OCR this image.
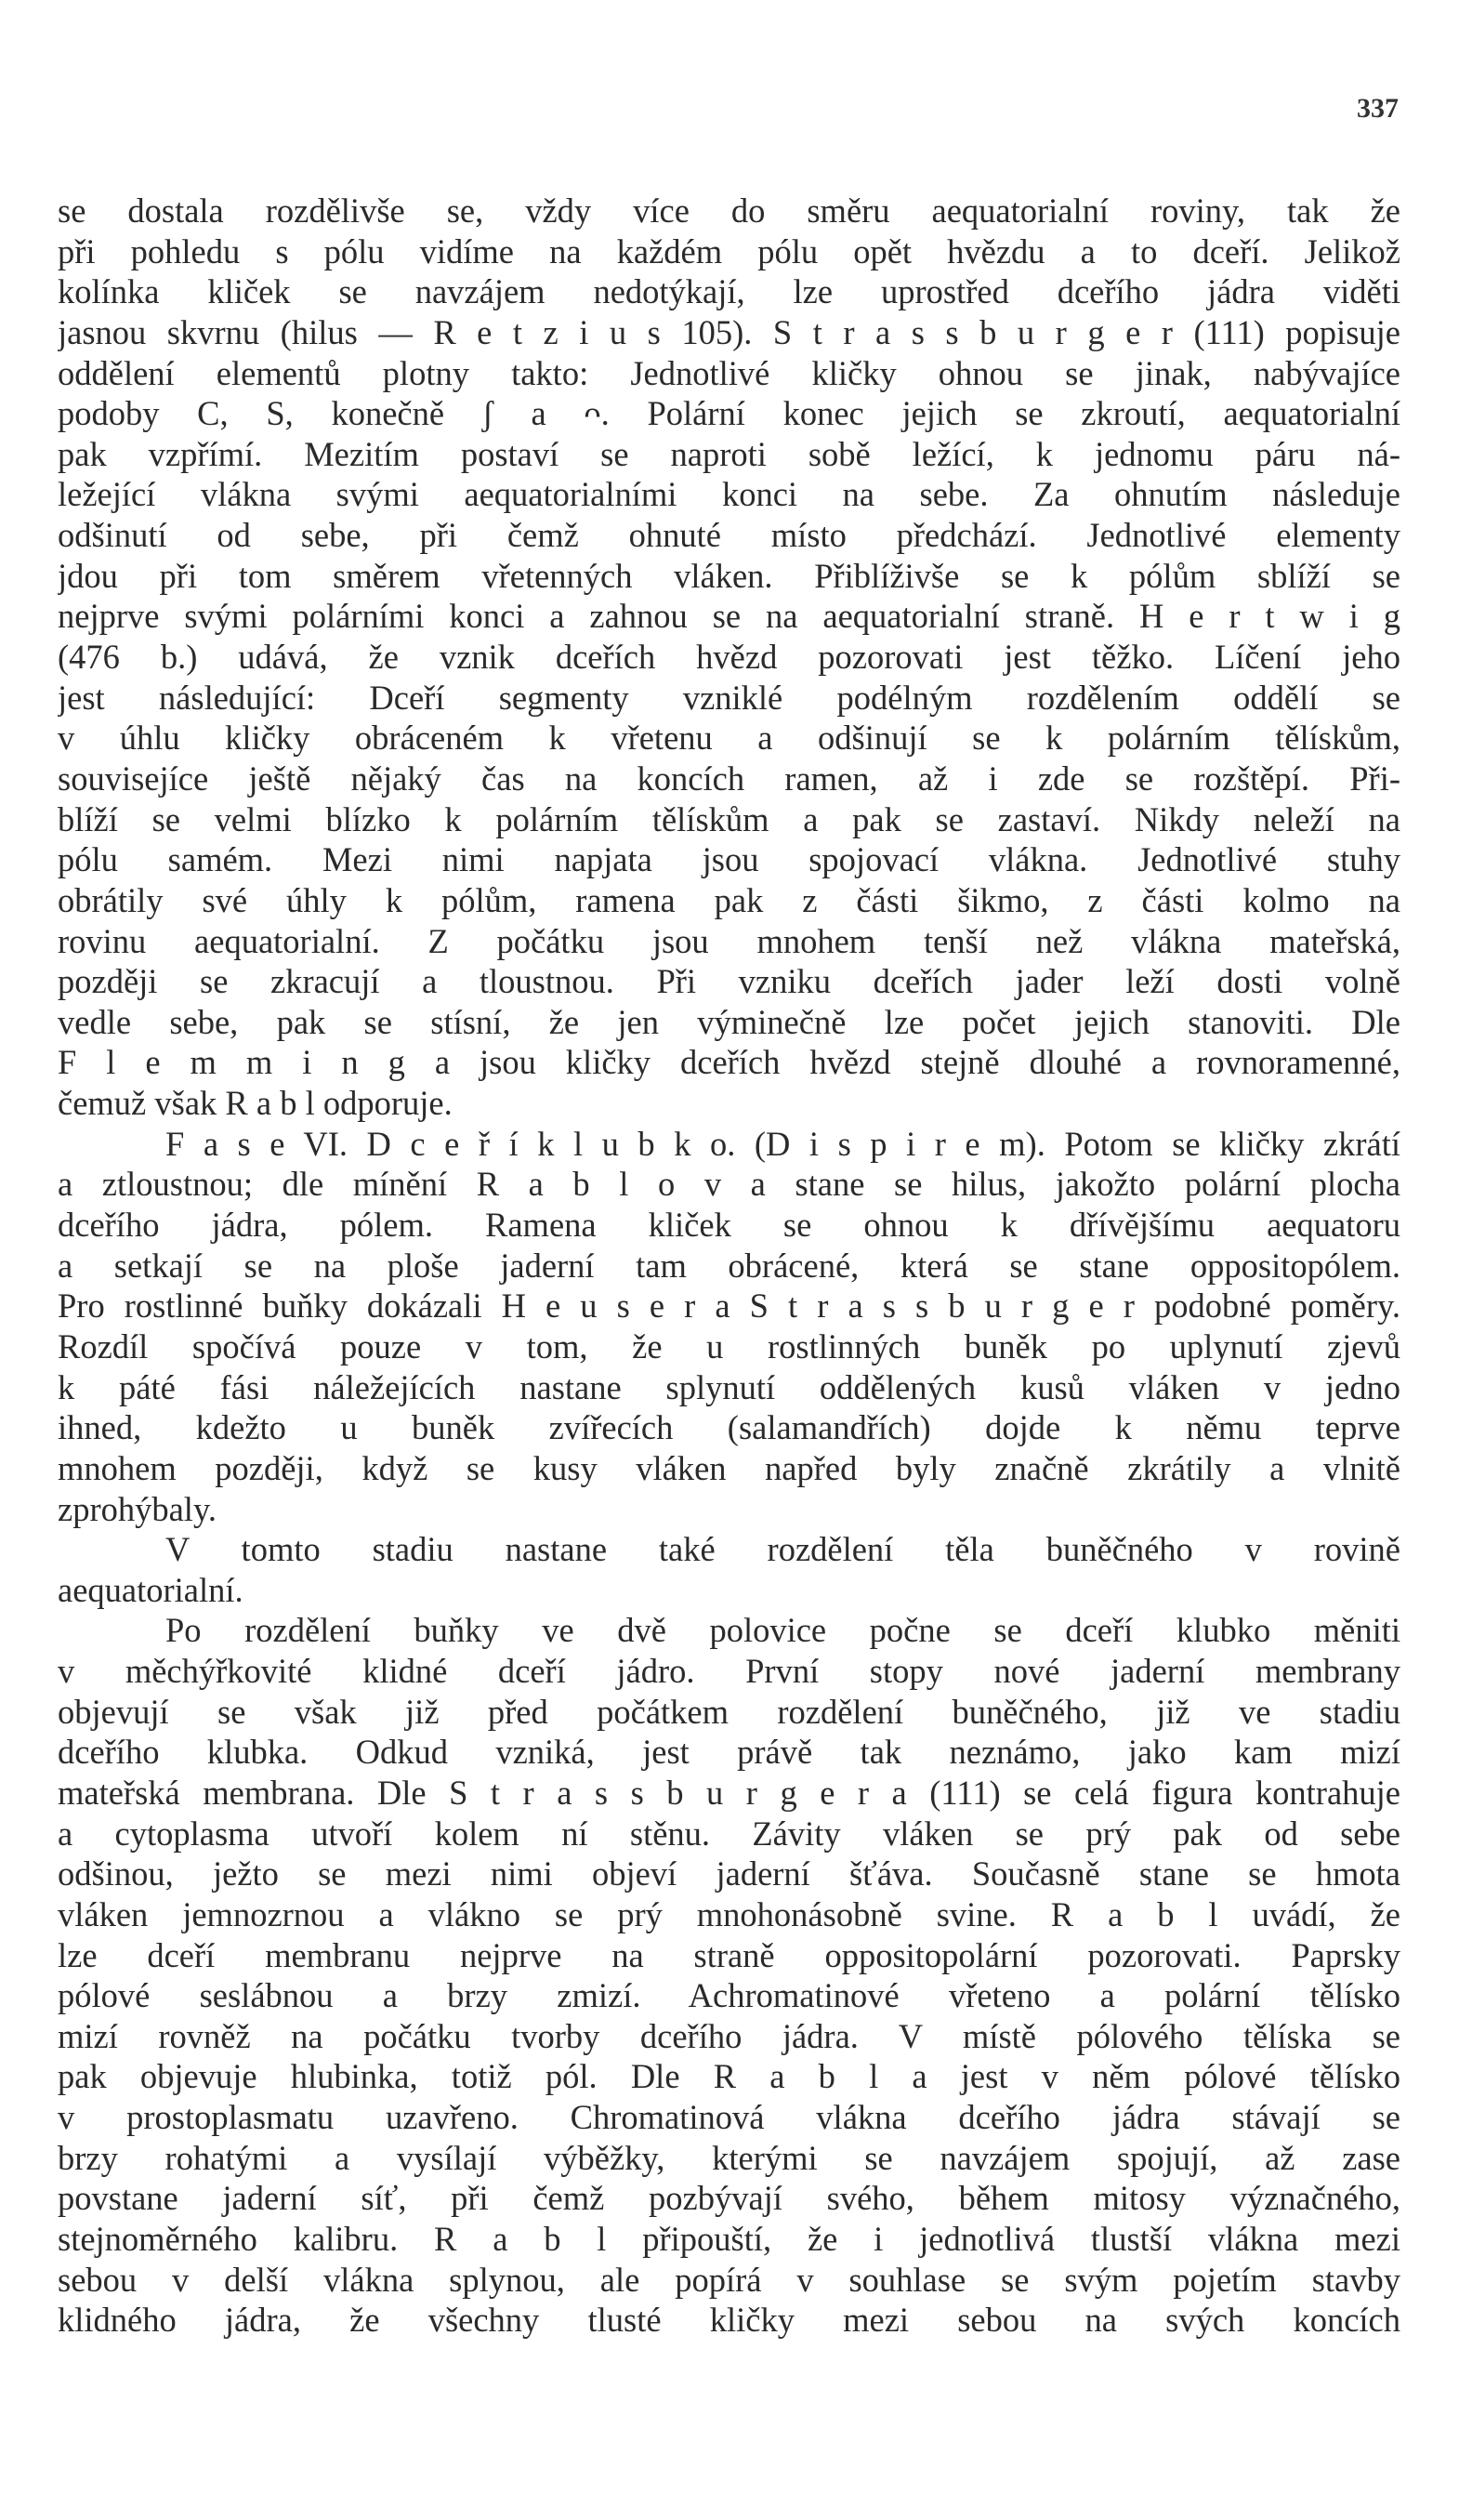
337
se dostala rozdělivše se, vždy více do směru aequatorialní roviny, tak že
při pohledu s pólu vidíme na každém pólu opět hvězdu a to dceří. Jelikož
kolínka kliček se navzájem nedotýkají, lze uprostřed dceřího jádra viděti
jasnou skvrnu (hilus — R e t z i u s 105). S t r a s s b u r g e r (111) popisuje
oddělení elementů plotny takto: Jednotlivé kličky ohnou se jinak, nabývajíce
podoby C, S, konečně ʃ a ᴖ. Polární konec jejich se zkroutí, aequatorialní
pak vzpřímí. Mezitím postaví se naproti sobě ležící, k jednomu páru ná-
ležející vlákna svými aequatorialními konci na sebe. Za ohnutím následuje
odšinutí od sebe, při čemž ohnuté místo předchází. Jednotlivé elementy
jdou při tom směrem vřetenných vláken. Přiblíživše se k pólům sblíží se
nejprve svými polárními konci a zahnou se na aequatorialní straně. H e r t w i g
(476 b.) udává, že vznik dceřích hvězd pozorovati jest těžko. Líčení jeho
jest následující: Dceří segmenty vzniklé podélným rozdělením oddělí se
v úhlu kličky obráceném k vřetenu a odšinují se k polárním tělískům,
souvisejíce ještě nějaký čas na koncích ramen, až i zde se rozštěpí. Při-
blíží se velmi blízko k polárním tělískům a pak se zastaví. Nikdy neleží na
pólu samém. Mezi nimi napjata jsou spojovací vlákna. Jednotlivé stuhy
obrátily své úhly k pólům, ramena pak z části šikmo, z části kolmo na
rovinu aequatorialní. Z počátku jsou mnohem tenší než vlákna mateřská,
později se zkracují a tloustnou. Při vzniku dceřích jader leží dosti volně
vedle sebe, pak se stísní, že jen výminečně lze počet jejich stanoviti. Dle
F l e m m i n g a jsou kličky dceřích hvězd stejně dlouhé a rovnoramenné,
čemuž však R a b l odporuje.
F a s e VI. D c e ř í k l u b k o. (D i s p i r e m). Potom se kličky zkrátí
a ztloustnou; dle mínění R a b l o v a stane se hilus, jakožto polární plocha
dceřího jádra, pólem. Ramena kliček se ohnou k dřívějšímu aequatoru
a setkají se na ploše jaderní tam obrácené, která se stane oppositopólem.
Pro rostlinné buňky dokázali H e u s e r a S t r a s s b u r g e r podobné poměry.
Rozdíl spočívá pouze v tom, že u rostlinných buněk po uplynutí zjevů
k páté fási náležejících nastane splynutí oddělených kusů vláken v jedno
ihned, kdežto u buněk zvířecích (salamandřích) dojde k němu teprve
mnohem později, když se kusy vláken napřed byly značně zkrátily a vlnitě
zprohýbaly.
V tomto stadiu nastane také rozdělení těla buněčného v rovině
aequatorialní.
Po rozdělení buňky ve dvě polovice počne se dceří klubko měniti
v měchýřkovité klidné dceří jádro. První stopy nové jaderní membrany
objevují se však již před počátkem rozdělení buněčného, již ve stadiu
dceřího klubka. Odkud vzniká, jest právě tak neznámo, jako kam mizí
mateřská membrana. Dle S t r a s s b u r g e r a (111) se celá figura kontrahuje
a cytoplasma utvoří kolem ní stěnu. Závity vláken se prý pak od sebe
odšinou, ježto se mezi nimi objeví jaderní šťáva. Současně stane se hmota
vláken jemnozrnou a vlákno se prý mnohonásobně svine. R a b l uvádí, že
lze dceří membranu nejprve na straně oppositopolární pozorovati. Paprsky
pólové seslábnou a brzy zmizí. Achromatinové vřeteno a polární tělísko
mizí rovněž na počátku tvorby dceřího jádra. V místě pólového tělíska se
pak objevuje hlubinka, totiž pól. Dle R a b l a jest v něm pólové tělísko
v prostoplasmatu uzavřeno. Chromatinová vlákna dceřího jádra stávají se
brzy rohatými a vysílají výběžky, kterými se navzájem spojují, až zase
povstane jaderní síť, při čemž pozbývají svého, během mitosy význačného,
stejnoměrného kalibru. R a b l připouští, že i jednotlivá tlustší vlákna mezi
sebou v delší vlákna splynou, ale popírá v souhlase se svým pojetím stavby
klidného jádra, že všechny tlusté kličky mezi sebou na svých koncích
